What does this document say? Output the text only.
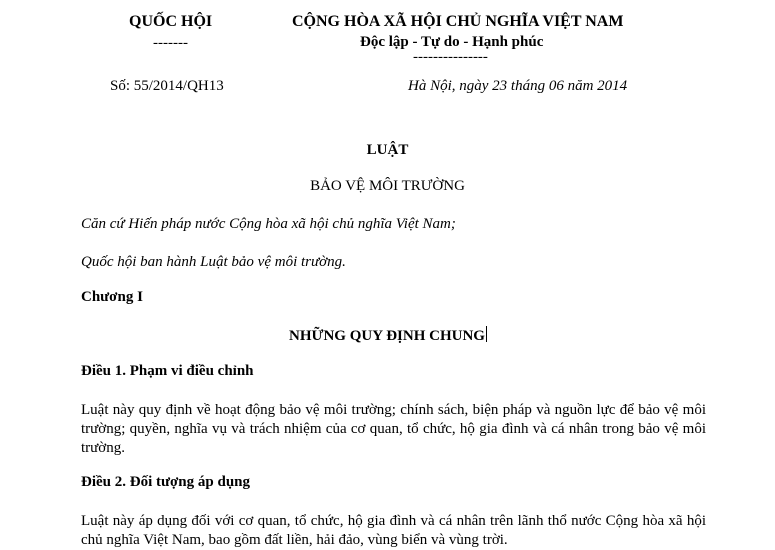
QUỐC HỘI
-------
CỘNG HÒA XÃ HỘI CHỦ NGHĨA VIỆT NAM
Độc lập - Tự do - Hạnh phúc
---------------
Số: 55/2014/QH13	Hà Nội, ngày 23 tháng 06 năm 2014
LUẬT
BẢO VỆ MÔI TRƯỜNG
Căn cứ Hiến pháp nước Cộng hòa xã hội chủ nghĩa Việt Nam;
Quốc hội ban hành Luật bảo vệ môi trường.
Chương I
NHỮNG QUY ĐỊNH CHUNG
Điều 1. Phạm vi điều chỉnh
Luật này quy định về hoạt động bảo vệ môi trường; chính sách, biện pháp và nguồn lực để bảo vệ môi trường; quyền, nghĩa vụ và trách nhiệm của cơ quan, tổ chức, hộ gia đình và cá nhân trong bảo vệ môi trường.
Điều 2. Đối tượng áp dụng
Luật này áp dụng đối với cơ quan, tổ chức, hộ gia đình và cá nhân trên lãnh thổ nước Cộng hòa xã hội chủ nghĩa Việt Nam, bao gồm đất liền, hải đảo, vùng biển và vùng trời.
